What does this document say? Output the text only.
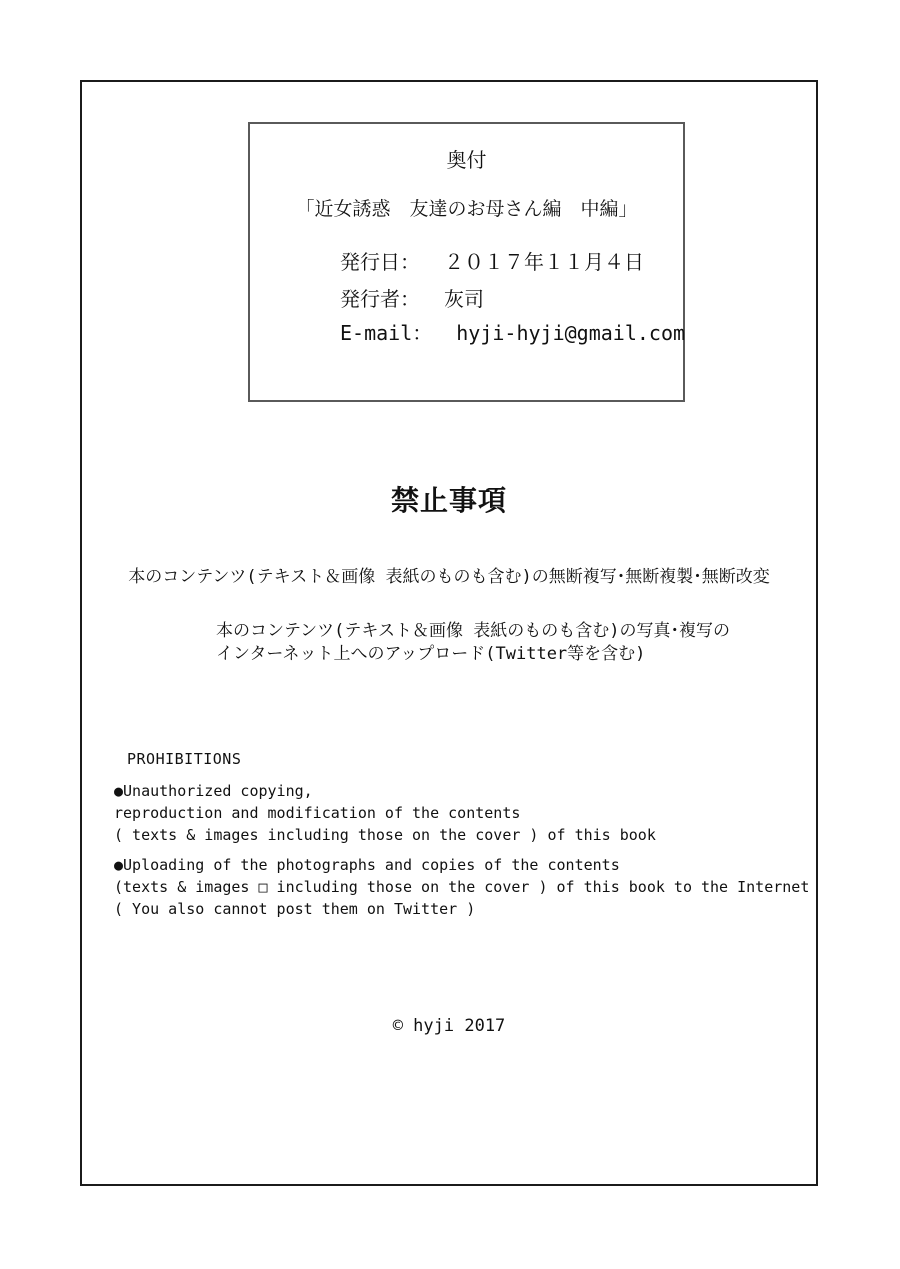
奥付
「近女誘惑　友達のお母さん編　中編」
発行日： ２０１７年１１月４日
発行者： 灰司
E-mail： hyji-hyji@gmail.com
禁止事項
本のコンテンツ(テキスト＆画像 表紙のものも含む)の無断複写･無断複製･無断改変
本のコンテンツ(テキスト＆画像 表紙のものも含む)の写真･複写の
インターネット上へのアップロード(Twitter等を含む)
PROHIBITIONS
●Unauthorized copying,
reproduction and modification of the contents
( texts & images including those on the cover ) of this book
●Uploading of the photographs and copies of the contents
(texts & images □ including those on the cover ) of this book to the Internet
( You also cannot post them on Twitter )
© hyji 2017
